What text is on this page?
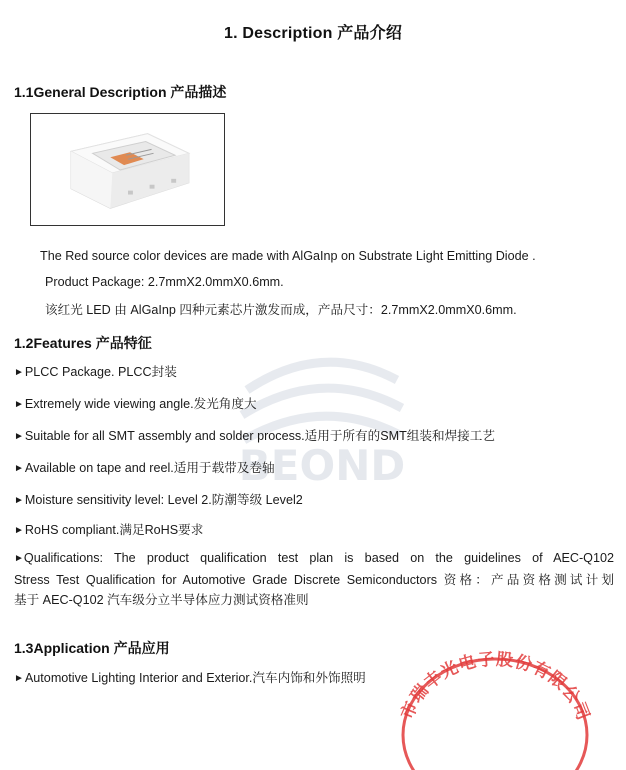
BEOND
1. Description 产品介绍
1.1General Description 产品描述
The Red source color devices are made with AlGaInp on Substrate Light Emitting Diode .
Product Package: 2.7mmX2.0mmX0.6mm.
该红光 LED 由 AlGaInp 四种元素芯片激发而成，产品尺寸：2.7mmX2.0mmX0.6mm.
1.2Features 产品特征
►PLCC Package. PLCC封装
►Extremely wide viewing angle.发光角度大
►Suitable for all SMT assembly and solder process.适用于所有的SMT组装和焊接工艺
►Available on tape and reel.适用于载带及卷轴
►Moisture sensitivity level: Level 2.防潮等级 Level2
►RoHS compliant.满足RoHS要求
►Qualifications: The product qualification test plan is based on the guidelines of AEC-Q102
Stress Test Qualification for Automotive Grade Discrete Semiconductors 资格：产品资格测试计划
基于 AEC-Q102 汽车级分立半导体应力测试资格准则
1.3Application 产品应用
►Automotive Lighting Interior and Exterior.汽车内饰和外饰照明
市瑞丰光电子股份有限公司
